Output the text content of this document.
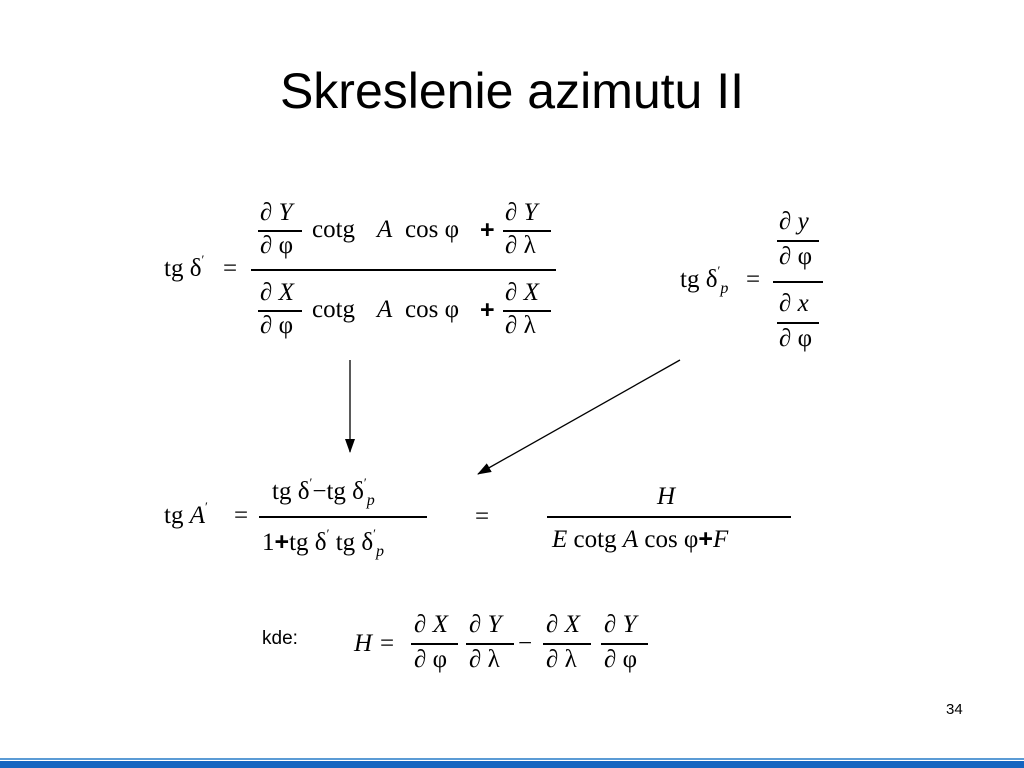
Skreslenie azimutu II
tg δ′ =
∂ Y
∂ φ
cotg A cos φ +
∂ Y
∂ λ
∂ X
∂ φ
cotg A cos φ +
∂ X
∂ λ
tg $\delta'_p$ =
∂ y
∂ φ
∂ x
∂ φ
tg A′ =
tg δ′−tg $\delta'_p$
1+tg δ′ tg $\delta'_p$
=
H
E cotg A cos φ+F
kde: H =
∂ X
∂ φ
∂ Y
∂ λ
−
∂ X
∂ λ
∂ Y
∂ φ
34
